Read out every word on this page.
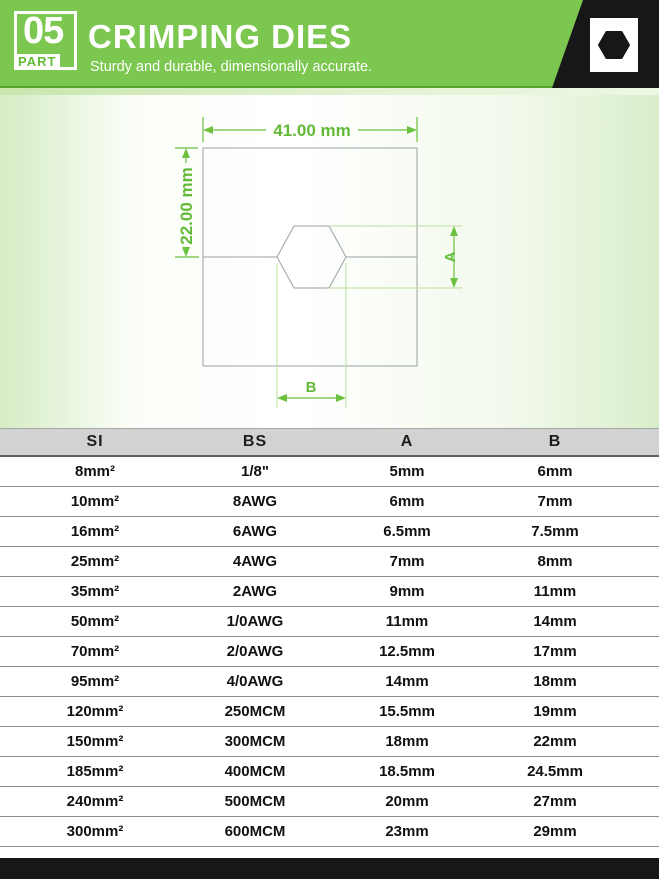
05
PART
CRIMPING DIES
Sturdy and durable, dimensionally accurate.
41.00 mm
22.00 mm
A
B
SI	BS	A	B
8mm²	1/8"	5mm	6mm
10mm²	8AWG	6mm	7mm
16mm²	6AWG	6.5mm	7.5mm
25mm²	4AWG	7mm	8mm
35mm²	2AWG	9mm	11mm
50mm²	1/0AWG	11mm	14mm
70mm²	2/0AWG	12.5mm	17mm
95mm²	4/0AWG	14mm	18mm
120mm²	250MCM	15.5mm	19mm
150mm²	300MCM	18mm	22mm
185mm²	400MCM	18.5mm	24.5mm
240mm²	500MCM	20mm	27mm
300mm²	600MCM	23mm	29mm
